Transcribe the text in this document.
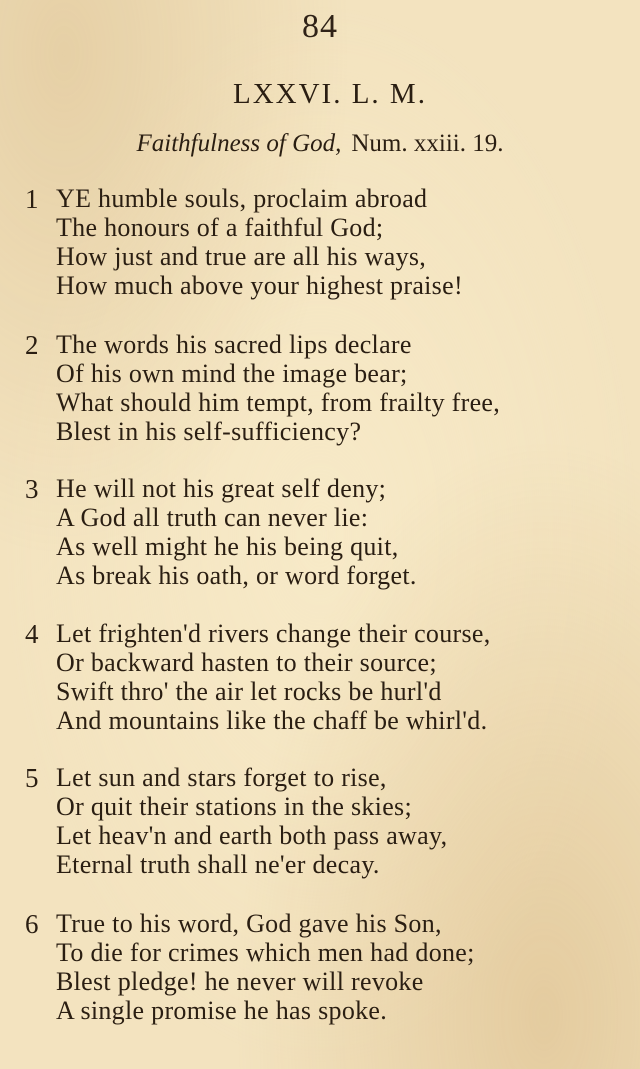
84
LXXVI. L. M.
Faithfulness of God, Num. xxiii. 19.
1 YE humble souls, proclaim abroad
The honours of a faithful God;
How just and true are all his ways,
How much above your highest praise!
2 The words his sacred lips declare
Of his own mind the image bear;
What should him tempt, from frailty free,
Blest in his self-sufficiency?
3 He will not his great self deny;
A God all truth can never lie:
As well might he his being quit,
As break his oath, or word forget.
4 Let frighten'd rivers change their course,
Or backward hasten to their source;
Swift thro' the air let rocks be hurl'd
And mountains like the chaff be whirl'd.
5 Let sun and stars forget to rise,
Or quit their stations in the skies;
Let heav'n and earth both pass away,
Eternal truth shall ne'er decay.
6 True to his word, God gave his Son,
To die for crimes which men had done;
Blest pledge! he never will revoke
A single promise he has spoke.
